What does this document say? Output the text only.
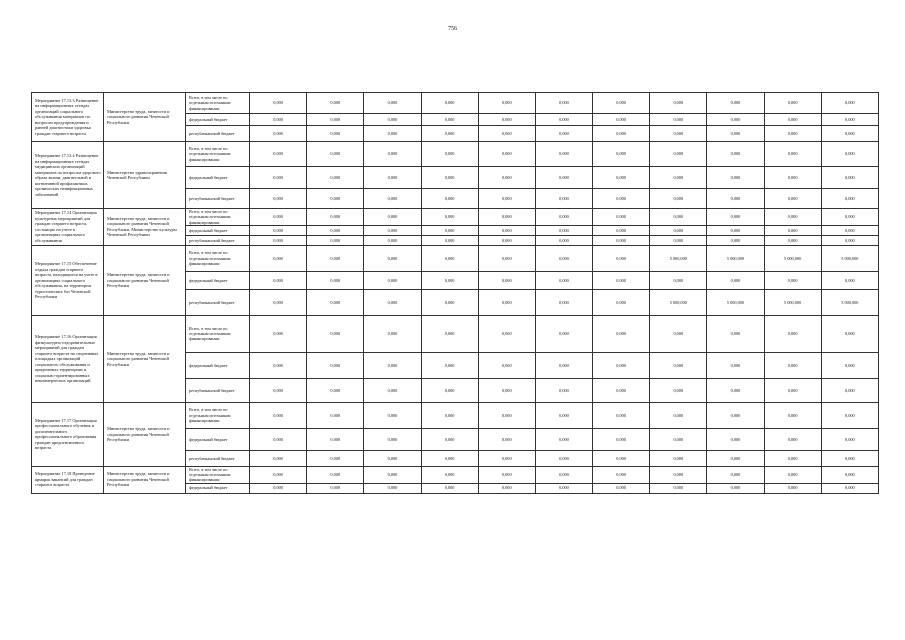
756
Мероприятие 17.13.3 Размещение на информационных стендах организаций социального обслуживания материалов по вопросам предупреждения и ранней диагностики здоровья граждан старшего возраста	Министерство труда, занятости и социального развития Чеченской Республики	Всего, в том числе по отдельным источникам финансирования:	0,000	0,000	0,000	0,000	0,000	0,000	0,000	0,000	0,000	0,000	0,000
		федеральный бюджет	0,000	0,000	0,000	0,000	0,000	0,000	0,000	0,000	0,000	0,000	0,000
		республиканский бюджет	0,000	0,000	0,000	0,000	0,000	0,000	0,000	0,000	0,000	0,000	0,000
Мероприятие 17.13.4 Размещение на информационных стендах медицинских организаций материалов по вопросам здорового образа жизни, двигательной и когнитивной профилактики, хронических неинфекционных заболеваний	Министерство здравоохранения Чеченской Республики	Всего, в том числе по отдельным источникам финансирования:	0,000	0,000	0,000	0,000	0,000	0,000	0,000	0,000	0,000	0,000	0,000
		федеральный бюджет	0,000	0,000	0,000	0,000	0,000	0,000	0,000	0,000	0,000	0,000	0,000
		республиканский бюджет	0,000	0,000	0,000	0,000	0,000	0,000	0,000	0,000	0,000	0,000	0,000
Мероприятие 17.14 Организация культурных мероприятий для граждан старшего возраста, состоящих на учете в организациях социального обслуживания	Министерство труда, занятости и социального развития Чеченской Республики, Министерство культуры Чеченской Республики	Всего, в том числе по отдельным источникам финансирования:	0,000	0,000	0,000	0,000	0,000	0,000	0,000	0,000	0,000	0,000	0,000
		федеральный бюджет	0,000	0,000	0,000	0,000	0,000	0,000	0,000	0,000	0,000	0,000	0,000
		республиканский бюджет	0,000	0,000	0,000	0,000	0,000	0,000	0,000	0,000	0,000	0,000	0,000
Мероприятие 17.15 Обеспечение отдыха граждан старшего возраста, находящихся на учете в организациях социального обслуживания, на территории туристических баз Чеченской Республики	Министерство труда, занятости и социального развития Чеченской Республики	Всего, в том числе по отдельным источникам финансирования:	0,000	0,000	0,000	0,000	0,000	0,000	0,000	5 000,000	5 000,000	5 000,000	5 000,000
		федеральный бюджет	0,000	0,000	0,000	0,000	0,000	0,000	0,000	0,000	0,000	0,000	0,000
		республиканский бюджет	0,000	0,000	0,000	0,000	0,000	0,000	0,000	5 000,000	5 000,000	5 000,000	5 000,000
Мероприятие 17.16 Организация физкультурно-оздоровительных мероприятий для граждан старшего возраста на спортивных площадках организаций социального обслуживания и придомовых территориях и социально-ориентированных некоммерческих организаций	Министерство труда, занятости и социального развития Чеченской Республики	Всего, в том числе по отдельным источникам финансирования:	0,000	0,000	0,000	0,000	0,000	0,000	0,000	0,000	0,000	0,000	0,000
		федеральный бюджет	0,000	0,000	0,000	0,000	0,000	0,000	0,000	0,000	0,000	0,000	0,000
		республиканский бюджет	0,000	0,000	0,000	0,000	0,000	0,000	0,000	0,000	0,000	0,000	0,000
Мероприятие 17.17 Организация профессионального обучения и дополнительного профессионального образования граждан предпенсионного возраста	Министерство труда, занятости и социального развития Чеченской Республики	Всего, в том числе по отдельным источникам финансирования:	0,000	0,000	0,000	0,000	0,000	0,000	0,000	0,000	0,000	0,000	0,000
		федеральный бюджет	0,000	0,000	0,000	0,000	0,000	0,000	0,000	0,000	0,000	0,000	0,000
		республиканский бюджет	0,000	0,000	0,000	0,000	0,000	0,000	0,000	0,000	0,000	0,000	0,000
Мероприятие 17.18 Проведение ярмарок вакансий для граждан старшего возраста	Министерство труда, занятости и социального развития Чеченской Республики	Всего, в том числе по отдельным источникам финансирования:	0,000	0,000	0,000	0,000	0,000	0,000	0,000	0,000	0,000	0,000	0,000
		федеральный бюджет	0,000	0,000	0,000	0,000	0,000	0,000	0,000	0,000	0,000	0,000	0,000
